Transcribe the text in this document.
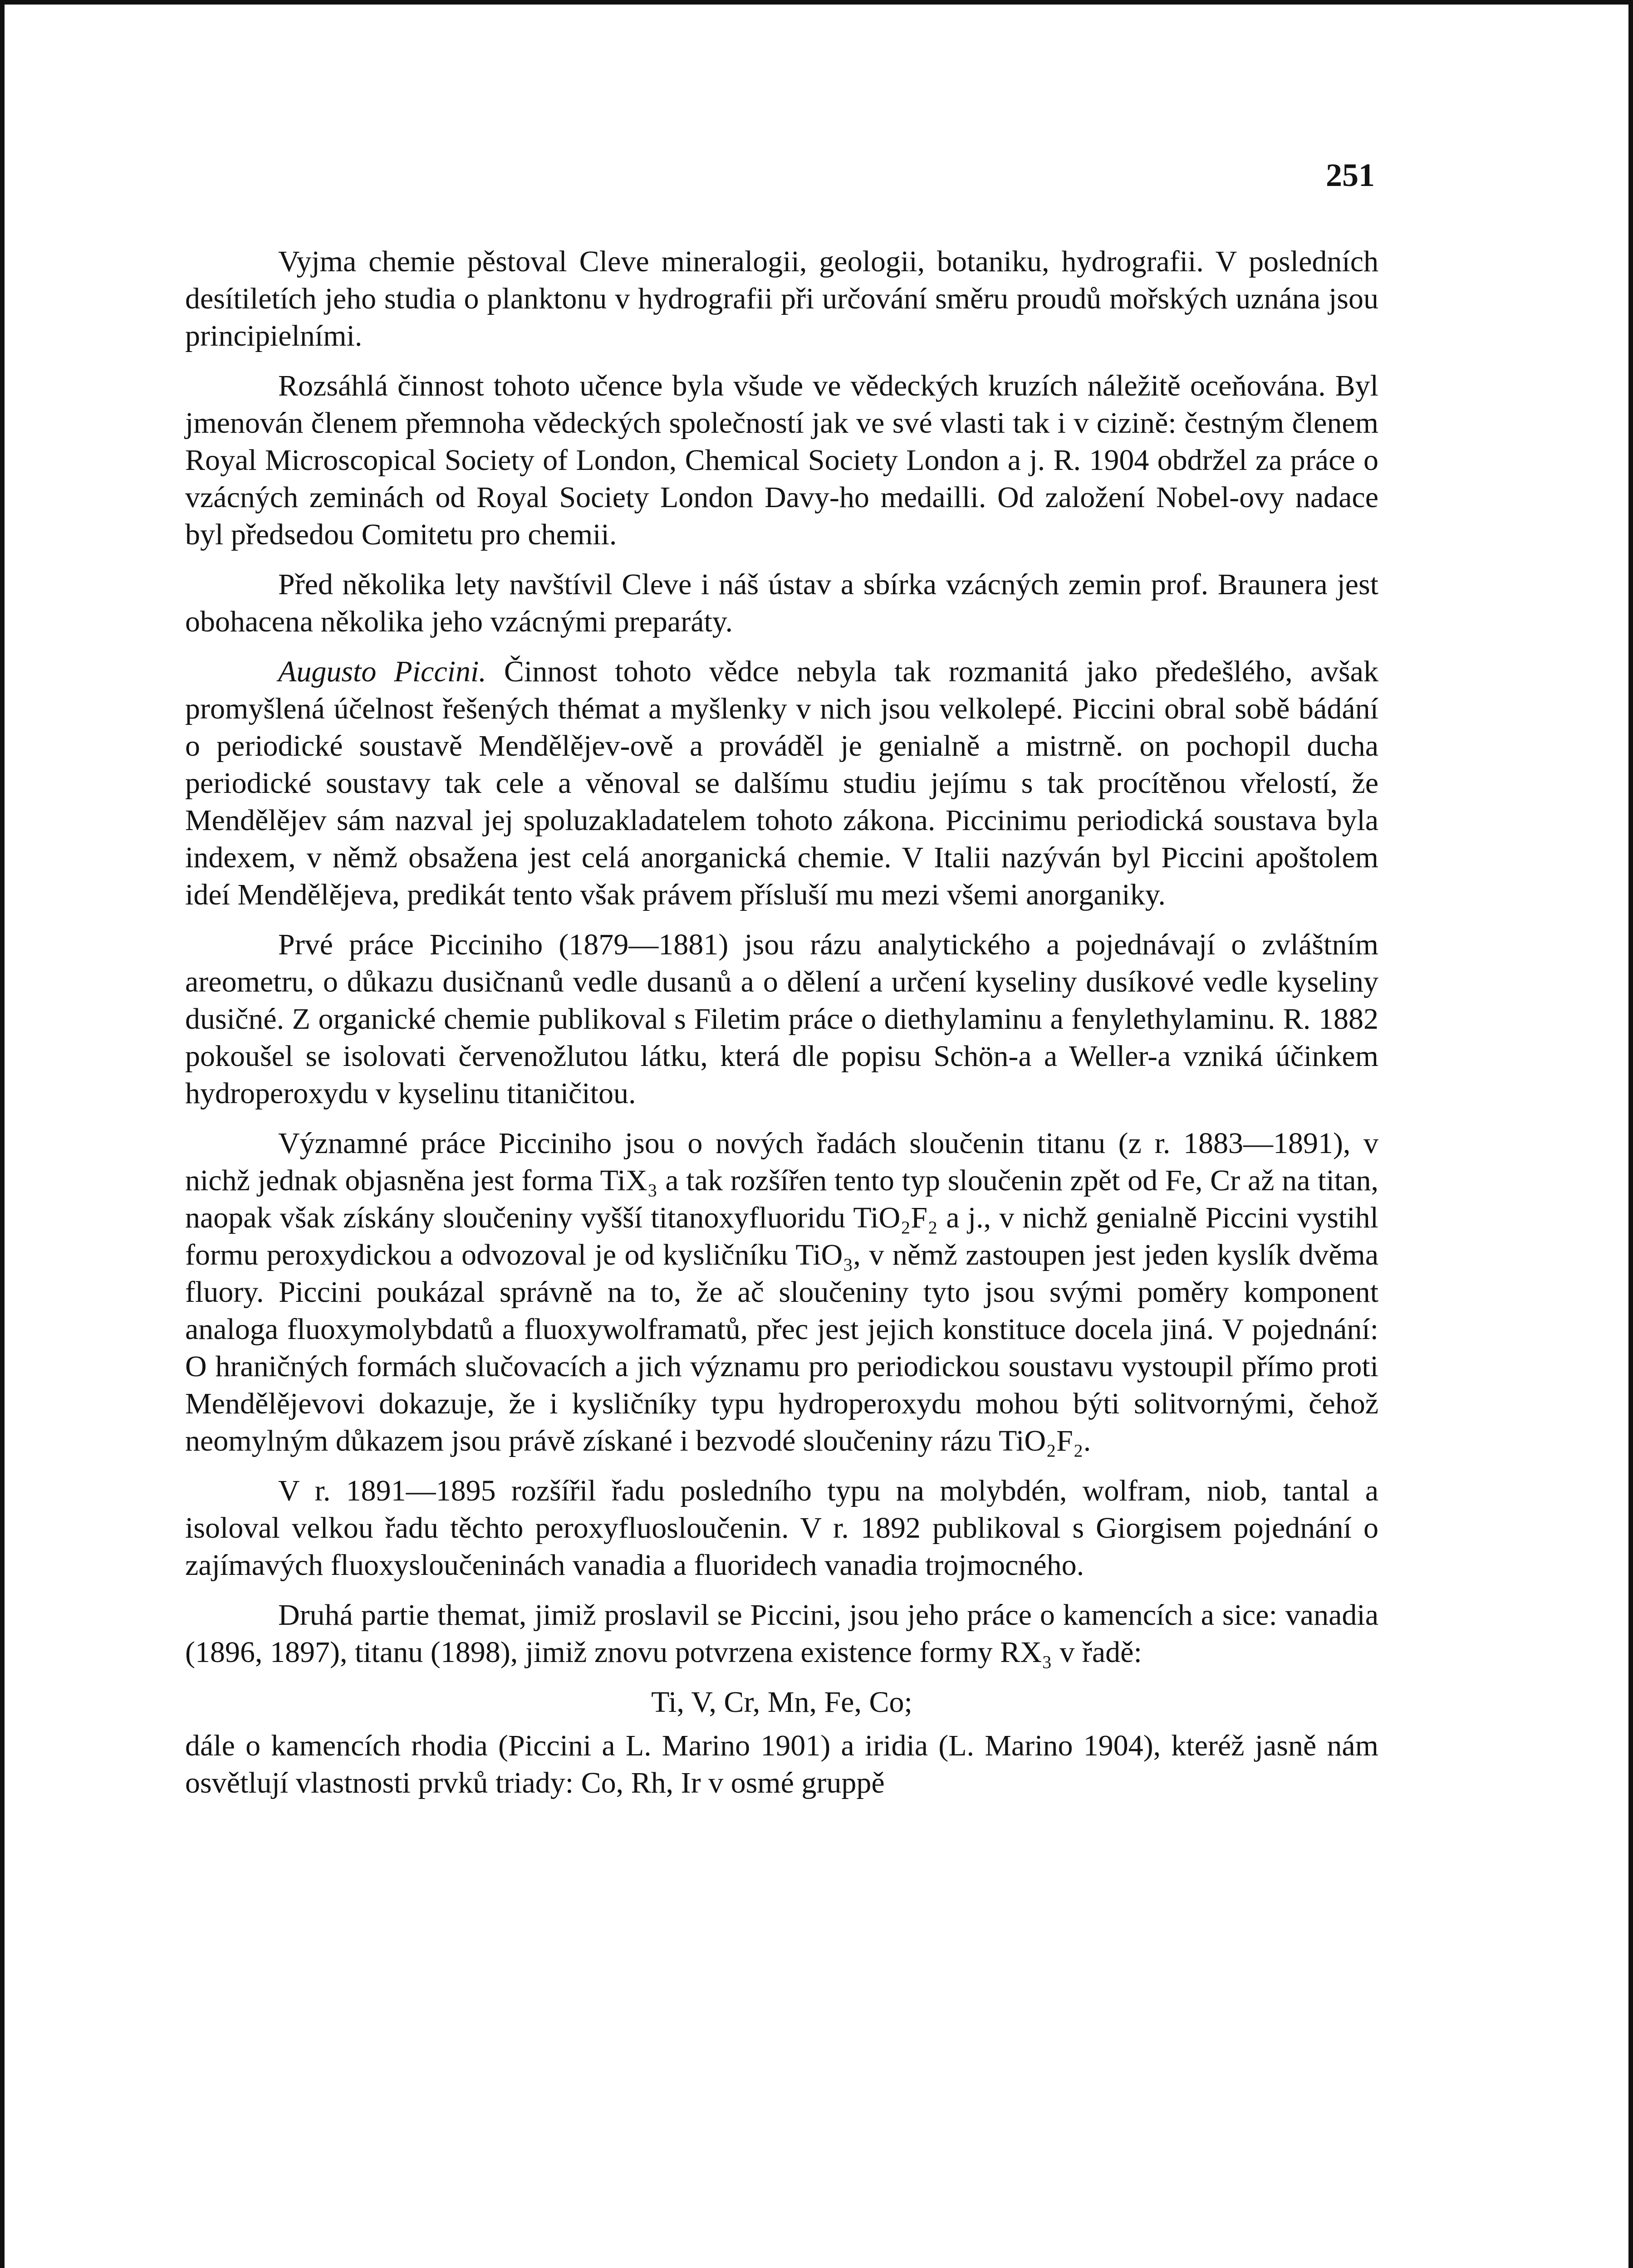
251

Vyjma chemie pěstoval Cleve mineralogii, geologii, botaniku, hydrografii. V posledních desítiletích jeho studia o planktonu v hydrografii při určování směru proudů mořských uznána jsou principielními.

Rozsáhlá činnost tohoto učence byla všude ve vědeckých kruzích náležitě oceňována. Byl jmenován členem přemnoha vědeckých společností jak ve své vlasti tak i v cizině: čestným členem Royal Microscopical Society of London, Chemical Society London a j. R. 1904 obdržel za práce o vzácných zeminách od Royal Society London Davy-ho medailli. Od založení Nobel-ovy nadace byl předsedou Comitetu pro chemii.

Před několika lety navštívil Cleve i náš ústav a sbírka vzácných zemin prof. Braunera jest obohacena několika jeho vzácnými preparáty.

Augusto Piccini. Činnost tohoto vědce nebyla tak rozmanitá jako předešlého, avšak promyšlená účelnost řešených thémat a myšlenky v nich jsou velkolepé. Piccini obral sobě bádání o periodické soustavě Mendělějev-ově a prováděl je genialně a mistrně. on pochopil ducha periodické soustavy tak cele a věnoval se dalšímu studiu jejímu s tak procítěnou vřelostí, že Mendělějev sám nazval jej spoluzakladatelem tohoto zákona. Piccinimu periodická soustava byla indexem, v němž obsažena jest celá anorganická chemie. V Italii nazýván byl Piccini apoštolem ideí Mendělějeva, predikát tento však právem přísluší mu mezi všemi anorganiky.

Prvé práce Picciniho (1879—1881) jsou rázu analytického a pojednávají o zvláštním areometru, o důkazu dusičnanů vedle dusanů a o dělení a určení kyseliny dusíkové vedle kyseliny dusičné. Z organické chemie publikoval s Filetim práce o diethylaminu a fenylethylaminu. R. 1882 pokoušel se isolovati červenožlutou látku, která dle popisu Schön-a a Weller-a vzniká účinkem hydroperoxydu v kyselinu titaničitou.

Významné práce Picciniho jsou o nových řadách sloučenin titanu (z r. 1883—1891), v nichž jednak objasněna jest forma TiX₃ a tak rozšířen tento typ sloučenin zpět od Fe, Cr až na titan, naopak však získány sloučeniny vyšší titanoxyfluoridu TiO₂F₂ a j., v nichž genialně Piccini vystihl formu peroxydickou a odvozoval je od kysličníku TiO₃, v němž zastoupen jest jeden kyslík dvěma fluory. Piccini poukázal správně na to, že ač sloučeniny tyto jsou svými poměry komponent analoga fluoxymolybdatů a fluoxywolframatů, přec jest jejich konstituce docela jiná. V pojednání: O hraničných formách slučovacích a jich významu pro periodickou soustavu vystoupil přímo proti Mendělějevovi dokazuje, že i kysličníky typu hydroperoxydu mohou býti solitvornými, čehož neomylným důkazem jsou právě získané i bezvodé sloučeniny rázu TiO₂F₂.

V r. 1891—1895 rozšířil řadu posledního typu na molybdén, wolfram, niob, tantal a isoloval velkou řadu těchto peroxyfluosloučenin. V r. 1892 publikoval s Giorgisem pojednání o zajímavých fluoxysloučeninách vanadia a fluoridech vanadia trojmocného.

Druhá partie themat, jimiž proslavil se Piccini, jsou jeho práce o kamencích a sice: vanadia (1896, 1897), titanu (1898), jimiž znovu potvrzena existence formy RX₃ v řadě:

Ti, V, Cr, Mn, Fe, Co;

dále o kamencích rhodia (Piccini a L. Marino 1901) a iridia (L. Marino 1904), kteréž jasně nám osvětlují vlastnosti prvků triady: Co, Rh, Ir v osmé gruppě
